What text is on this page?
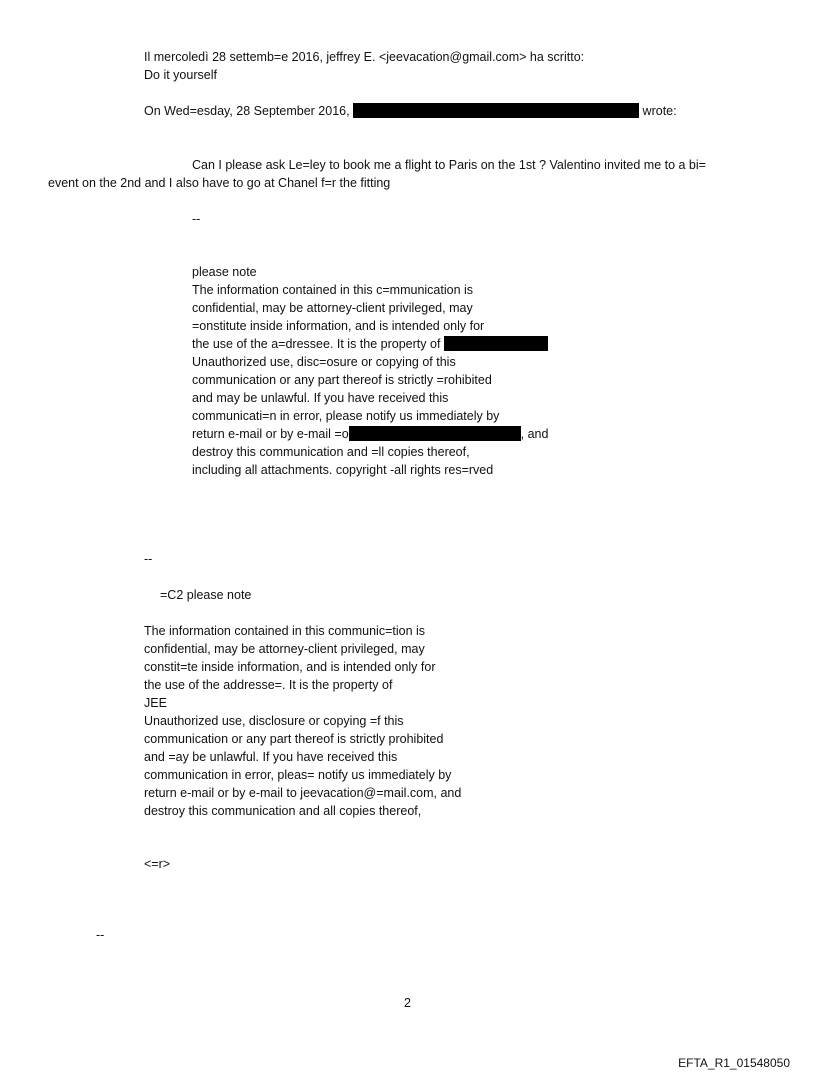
Il mercoledì 28 settemb=e 2016, jeffrey E. <jeevacation@gmail.com> ha scritto:
Do it yourself
On Wed=esday, 28 September 2016,	wrote:
Can I please ask Le=ley to book me a flight to Paris on the 1st ? Valentino invited me to a bi=
event on the 2nd and I also have to go at Chanel f=r the fitting
--
please note
The information contained in this c=mmunication is
confidential, may be attorney-client privileged, may
=onstitute inside information, and is intended only for
the use of the a=dressee. It is the property of
Unauthorized use, disc=osure or copying of this
communication or any part thereof is strictly =rohibited
and may be unlawful. If you have received this
communicati=n in error, please notify us immediately by
return e-mail or by e-mail =o	, and
destroy this communication and =ll copies thereof,
including all attachments. copyright -all rights res=rved
--
=C2 please note
The information contained in this communic=tion is
confidential, may be attorney-client privileged, may
constit=te inside information, and is intended only for
the use of the addresse=. It is the property of
JEE
Unauthorized use, disclosure or copying =f this
communication or any part thereof is strictly prohibited
and =ay be unlawful. If you have received this
communication in error, pleas= notify us immediately by
return e-mail or by e-mail to jeevacation@=mail.com, and
destroy this communication and all copies thereof,
<=r>
--
2
EFTA_R1_01548050
